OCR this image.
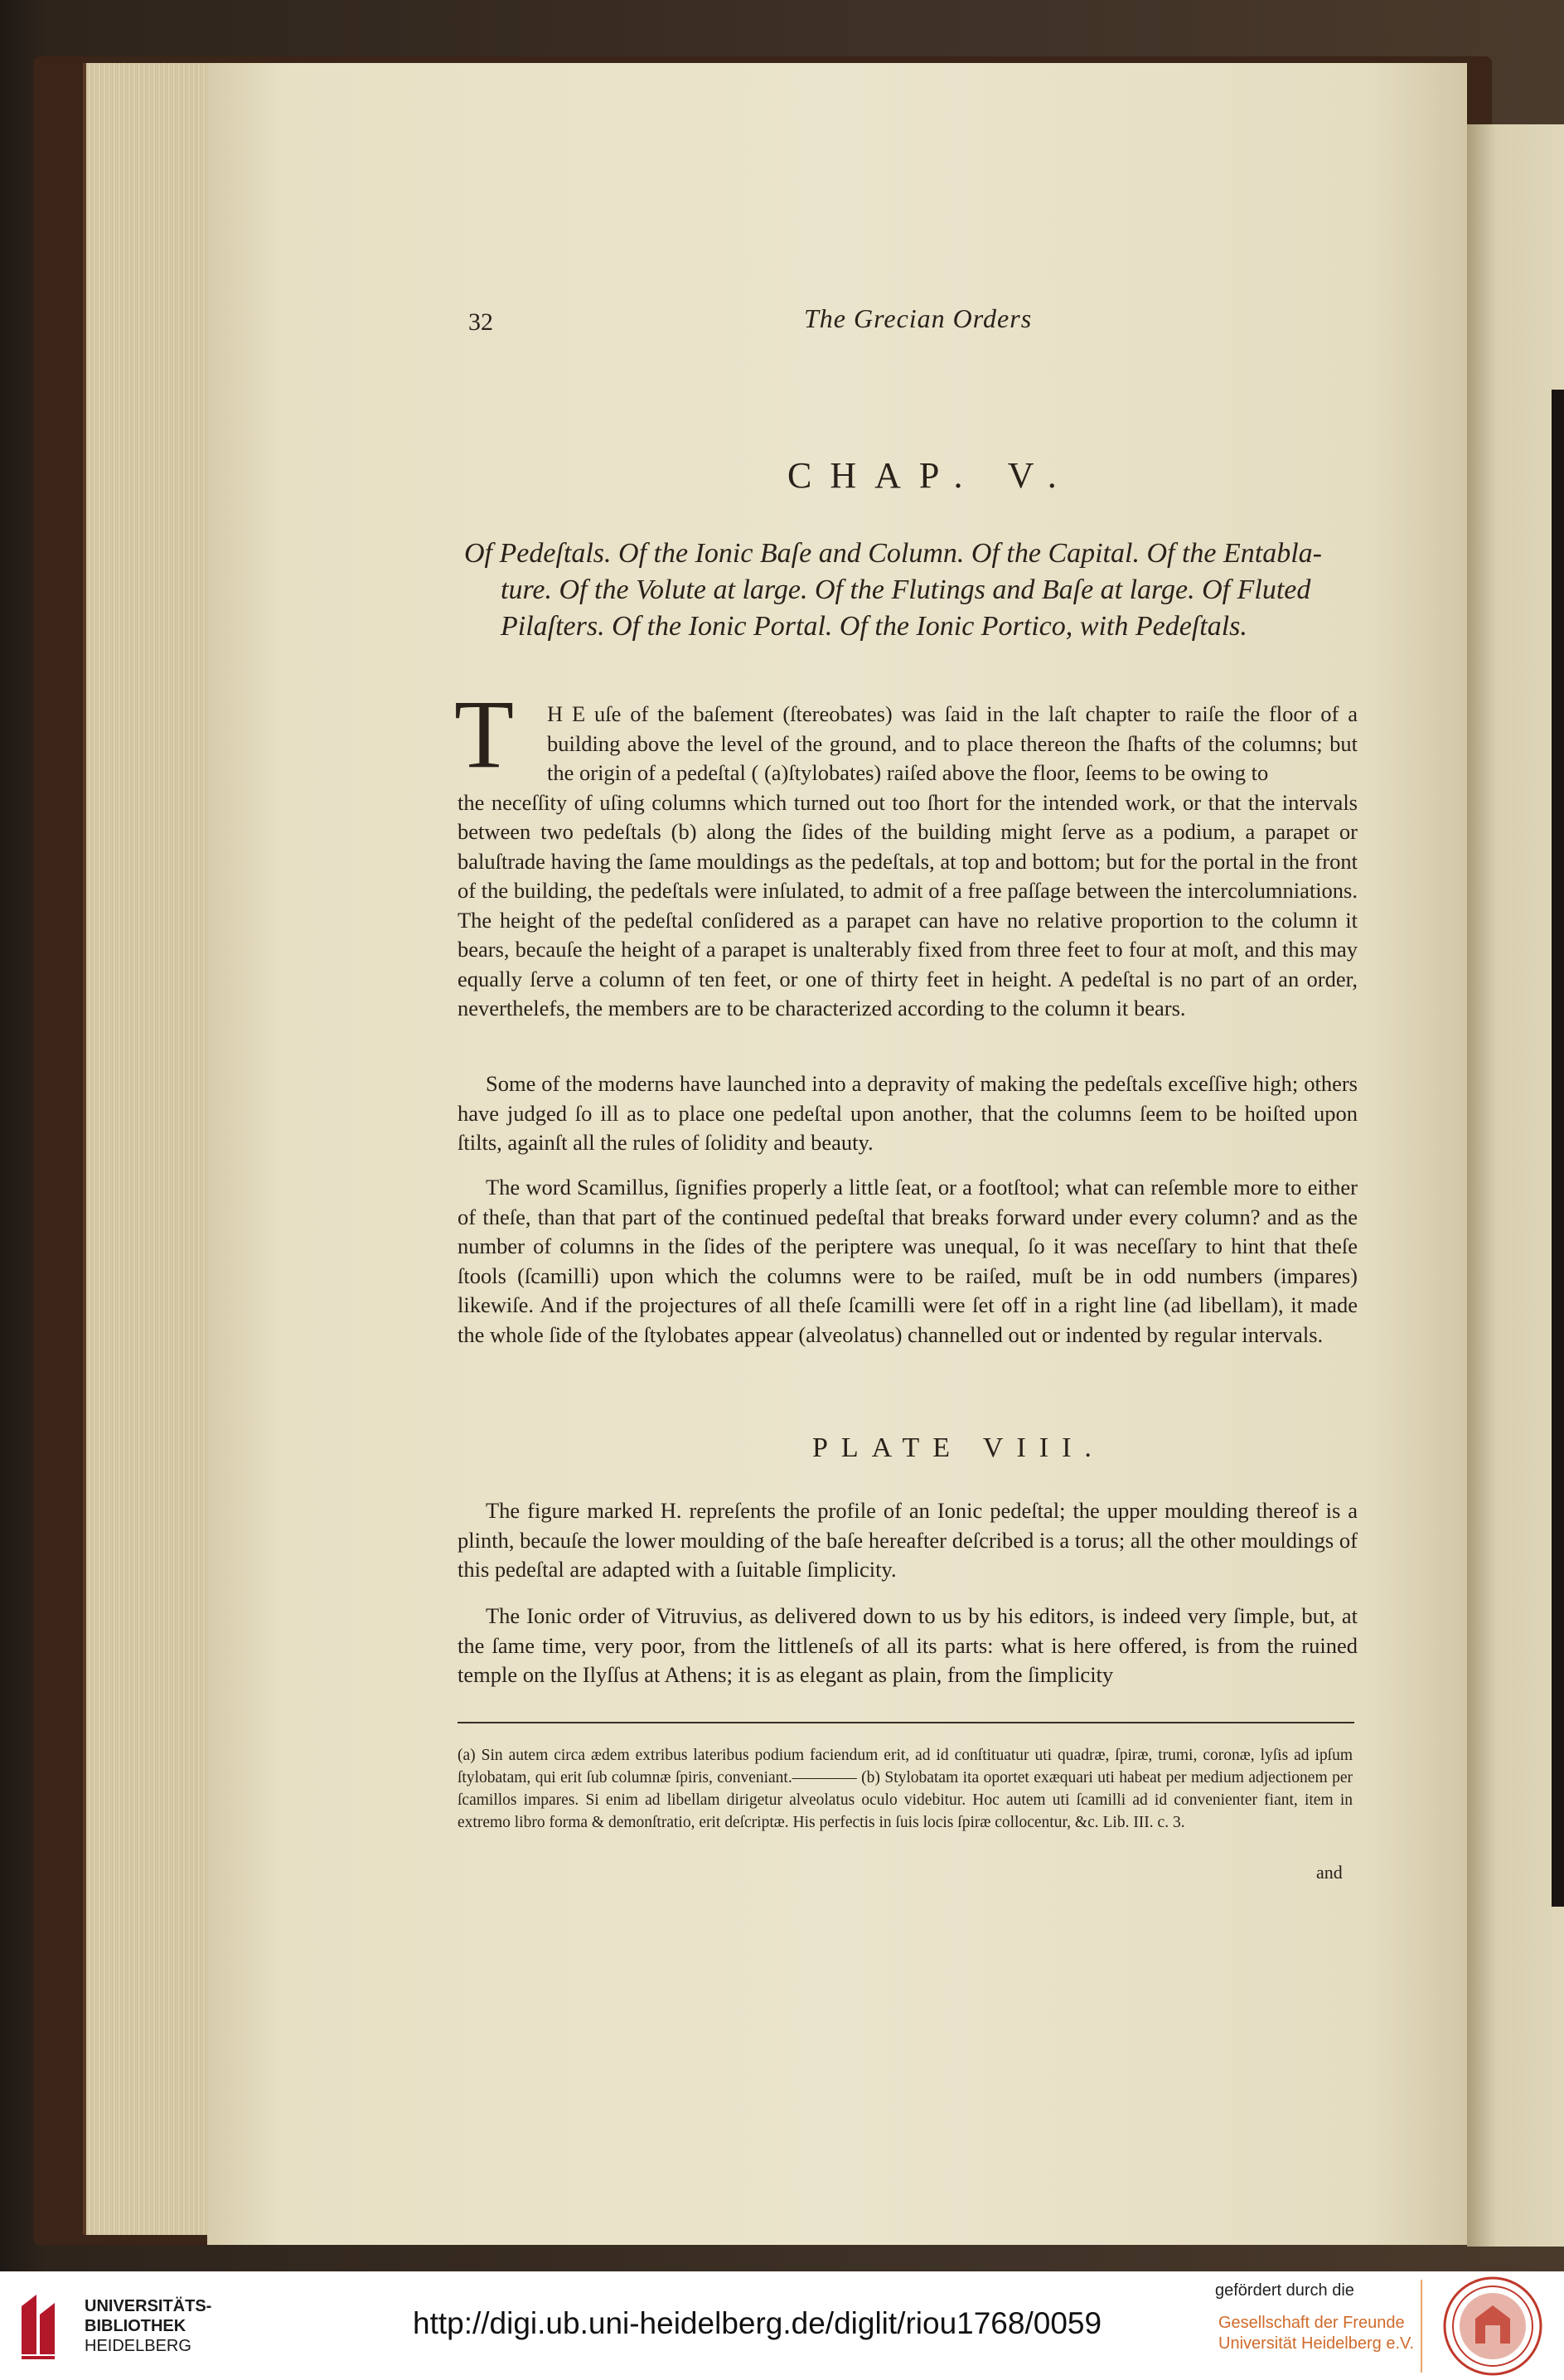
32	The Grecian Orders
CHAP. V.
Of Pedeſtals. Of the Ionic Baſe and Column. Of the Capital. Of the Entabla-
ture. Of the Volute at large. Of the Flutings and Baſe at large. Of Fluted
Pilaſters. Of the Ionic Portal. Of the Ionic Portico, with Pedeſtals.
T	H E uſe of the baſement (ſtereobates) was ſaid in the laſt chapter to raiſe the floor of a building above the level of the ground, and to place thereon the ſhafts of the columns; but the origin of a pedeſtal ( (a)ſtylobates) raiſed above the floor, ſeems to be owing to

the neceſſity of uſing columns which turned out too ſhort for the intended work, or that the intervals between two pedeſtals (b) along the ſides of the building might ſerve as a podium, a parapet or baluſtrade having the ſame mouldings as the pedeſtals, at top and bottom; but for the portal in the front of the building, the pedeſtals were inſulated, to admit of a free paſſage between the intercolumniations. The height of the pedeſtal conſidered as a parapet can have no relative proportion to the column it bears, becauſe the height of a parapet is unalterably fixed from three feet to four at moſt, and this may equally ſerve a column of ten feet, or one of thirty feet in height. A pedeſtal is no part of an order, neverthelefs, the members are to be characterized according to the column it bears.

Some of the moderns have launched into a depravity of making the pedeſtals exceſſive high; others have judged ſo ill as to place one pedeſtal upon another, that the columns ſeem to be hoiſted upon ſtilts, againſt all the rules of ſolidity and beauty.
The word Scamillus, ſignifies properly a little ſeat, or a footſtool; what can reſemble more to either of theſe, than that part of the continued pedeſtal that breaks forward under every column? and as the number of columns in the ſides of the periptere was unequal, ſo it was neceſſary to hint that theſe ſtools (ſcamilli) upon which the columns were to be raiſed, muſt be in odd numbers (impares) likewiſe. And if the projectures of all theſe ſcamilli were ſet off in a right line (ad libellam), it made the whole ſide of the ſtylobates appear (alveolatus) channelled out or indented by regular intervals.
PLATE VIII.
The figure marked H. repreſents the profile of an Ionic pedeſtal; the upper moulding thereof is a plinth, becauſe the lower moulding of the baſe hereafter deſcribed is a torus; all the other mouldings of this pedeſtal are adapted with a ſuitable ſimplicity.
The Ionic order of Vitruvius, as delivered down to us by his editors, is indeed very ſimple, but, at the ſame time, very poor, from the littleneſs of all its parts: what is here offered, is from the ruined temple on the Ilyſſus at Athens; it is as elegant as plain, from the ſimplicity
(a) Sin autem circa ædem extribus lateribus podium faciendum erit, ad id conſtituatur uti quadræ, ſpiræ, trumi, coronæ, lyſis ad ipſum ſtylobatam, qui erit ſub columnæ ſpiris, conveniant.———— (b) Stylobatam ita oportet exæquari uti habeat per medium adjectionem per ſcamillos impares. Si enim ad libellam dirigetur alveolatus oculo videbitur. Hoc autem uti ſcamilli ad id convenienter fiant, item in extremo libro forma & demonſtratio, erit deſcriptæ. His perfectis in ſuis locis ſpiræ collocentur, &c. Lib. III. c. 3.
and
UNIVERSITÄTS-
BIBLIOTHEK
HEIDELBERG
http://digi.ub.uni-heidelberg.de/diglit/riou1768/0059
gefördert durch die
Gesellschaft der Freunde
Universität Heidelberg e.V.
